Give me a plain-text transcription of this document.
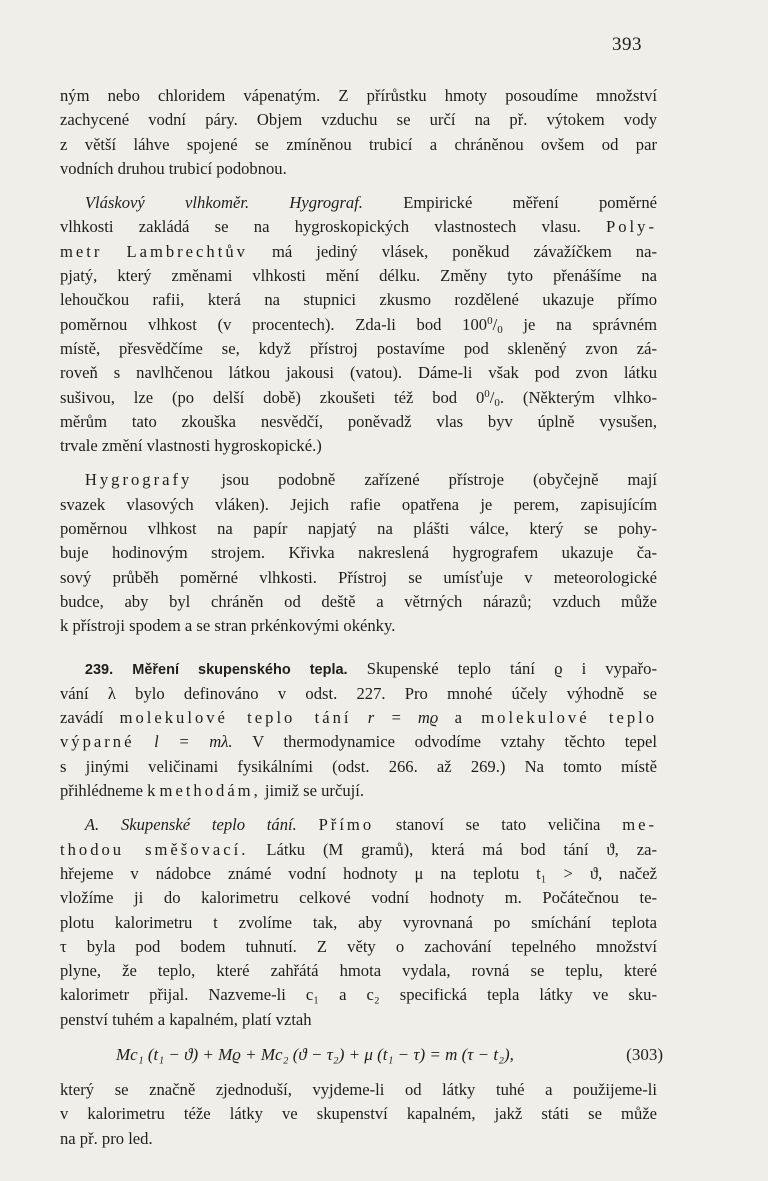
393
ným nebo chloridem vápenatým. Z přírůstku hmoty posoudíme množství
zachycené vodní páry. Objem vzduchu se určí na př. výtokem vody
z větší láhve spojené se zmíněnou trubicí a chráněnou ovšem od par
vodních druhou trubicí podobnou.
  Vláskový vlhkoměr. Hygrograf. Empirické měření poměrné
vlhkosti zakládá se na hygroskopických vlastnostech vlasu. Poly-
metr Lambrechtův má jediný vlásek, poněkud závažíčkem na-
pjatý, který změnami vlhkosti mění délku. Změny tyto přenášíme na
lehoučkou rafii, která na stupnici zkusmo rozdělené ukazuje přímo
poměrnou vlhkost (v procentech). Zda-li bod $100^0/_0$ je na správném
místě, přesvědčíme se, když přístroj postavíme pod skleněný zvon zá-
roveň s navlhčenou látkou jakousi (vatou). Dáme-li však pod zvon látku
sušivou, lze (po delší době) zkoušeti též bod $0^0/_0$. (Některým vlhko-
měrům tato zkouška nesvědčí, poněvadž vlas byv úplně vysušen,
trvale změní vlastnosti hygroskopické.)
  Hygrografy jsou podobně zařízené přístroje (obyčejně mají
svazek vlasových vláken). Jejich rafie opatřena je perem, zapisujícím
poměrnou vlhkost na papír napjatý na plášti válce, který se pohy-
buje hodinovým strojem. Křivka nakreslená hygrografem ukazuje ča-
sový průběh poměrné vlhkosti. Přístroj se umísťuje v meteorologické
budce, aby byl chráněn od deště a větrných nárazů; vzduch může
k přístroji spodem a se stran prkénkovými okénky.
  239. Měření skupenského tepla. Skupenské teplo tání ϱ i vypařo-
vání λ bylo definováno v odst. 227. Pro mnohé účely výhodně se
zavádí molekulové teplo tání r = mϱ a molekulové teplo
výparné l = mλ. V thermodynamice odvodíme vztahy těchto tepel
s jinými veličinami fysikálními (odst. 266. až 269.) Na tomto místě
přihlédneme k methodám, jimiž se určují.
  A. Skupenské teplo tání. Přímo stanoví se tato veličina me-
thodou směšovací. Látku (M gramů), která má bod tání ϑ, za-
hřejeme v nádobce známé vodní hodnoty μ na teplotu t₁ > ϑ, načež
vložíme ji do kalorimetru celkové vodní hodnoty m. Počátečnou te-
plotu kalorimetru t zvolíme tak, aby vyrovnaná po smíchání teplota
τ byla pod bodem tuhnutí. Z věty o zachování tepelného množství
plyne, že teplo, které zahřátá hmota vydala, rovná se teplu, které
kalorimetr přijal. Nazveme-li c₁ a c₂ specifická tepla látky ve sku-
penství tuhém a kapalném, platí vztah
Mc₁ (t₁ − ϑ) + Mϱ + Mc₂ (ϑ − τ₂) + μ (t₁ − τ) = m (τ − t₂),	(303)
který se značně zjednoduší, vyjdeme-li od látky tuhé a použijeme-li
v kalorimetru téže látky ve skupenství kapalném, jakž státi se může
na př. pro led.
